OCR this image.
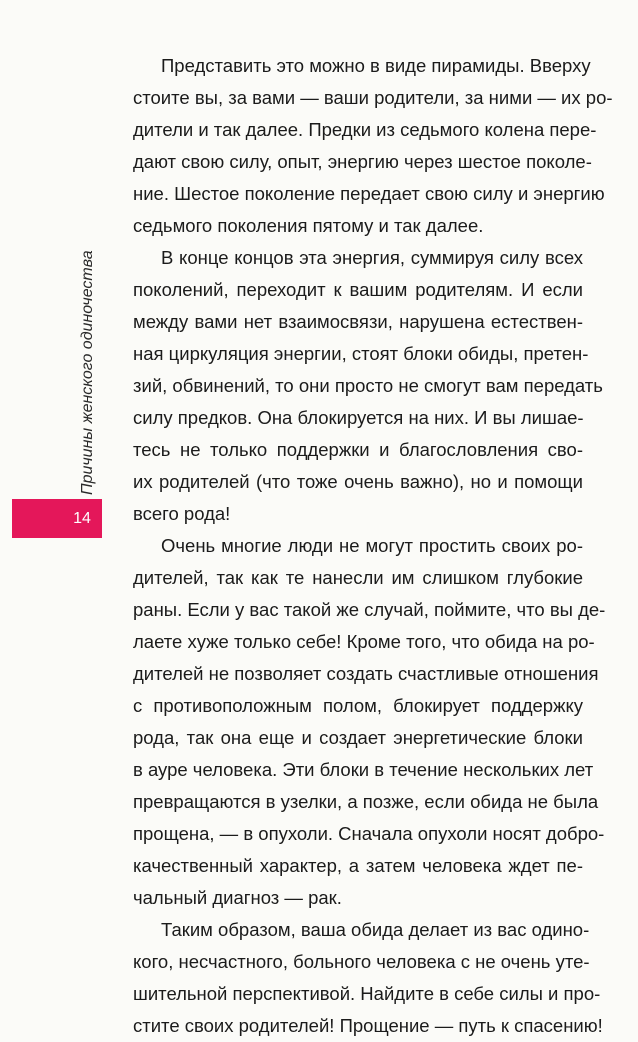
Причины женского одиночества
14
Представить это можно в виде пирамиды. Вверху
стоите вы, за вами — ваши родители, за ними — их ро-
дители и так далее. Предки из седьмого колена пере-
дают свою силу, опыт, энергию через шестое поколе-
ние. Шестое поколение передает свою силу и энергию
седьмого поколения пятому и так далее.
В конце концов эта энергия, суммируя силу всех
поколений, переходит к вашим родителям. И если
между вами нет взаимосвязи, нарушена естествен-
ная циркуляция энергии, стоят блоки обиды, претен-
зий, обвинений, то они просто не смогут вам передать
силу предков. Она блокируется на них. И вы лишае-
тесь не только поддержки и благословления сво-
их родителей (что тоже очень важно), но и помощи
всего рода!
Очень многие люди не могут простить своих ро-
дителей, так как те нанесли им слишком глубокие
раны. Если у вас такой же случай, поймите, что вы де-
лаете хуже только себе! Кроме того, что обида на ро-
дителей не позволяет создать счастливые отношения
с противоположным полом, блокирует поддержку
рода, так она еще и создает энергетические блоки
в ауре человека. Эти блоки в течение нескольких лет
превращаются в узелки, а позже, если обида не была
прощена, — в опухоли. Сначала опухоли носят добро-
качественный характер, а затем человека ждет пе-
чальный диагноз — рак.
Таким образом, ваша обида делает из вас одино-
кого, несчастного, больного человека с не очень уте-
шительной перспективой. Найдите в себе силы и про-
стите своих родителей! Прощение — путь к спасению!
